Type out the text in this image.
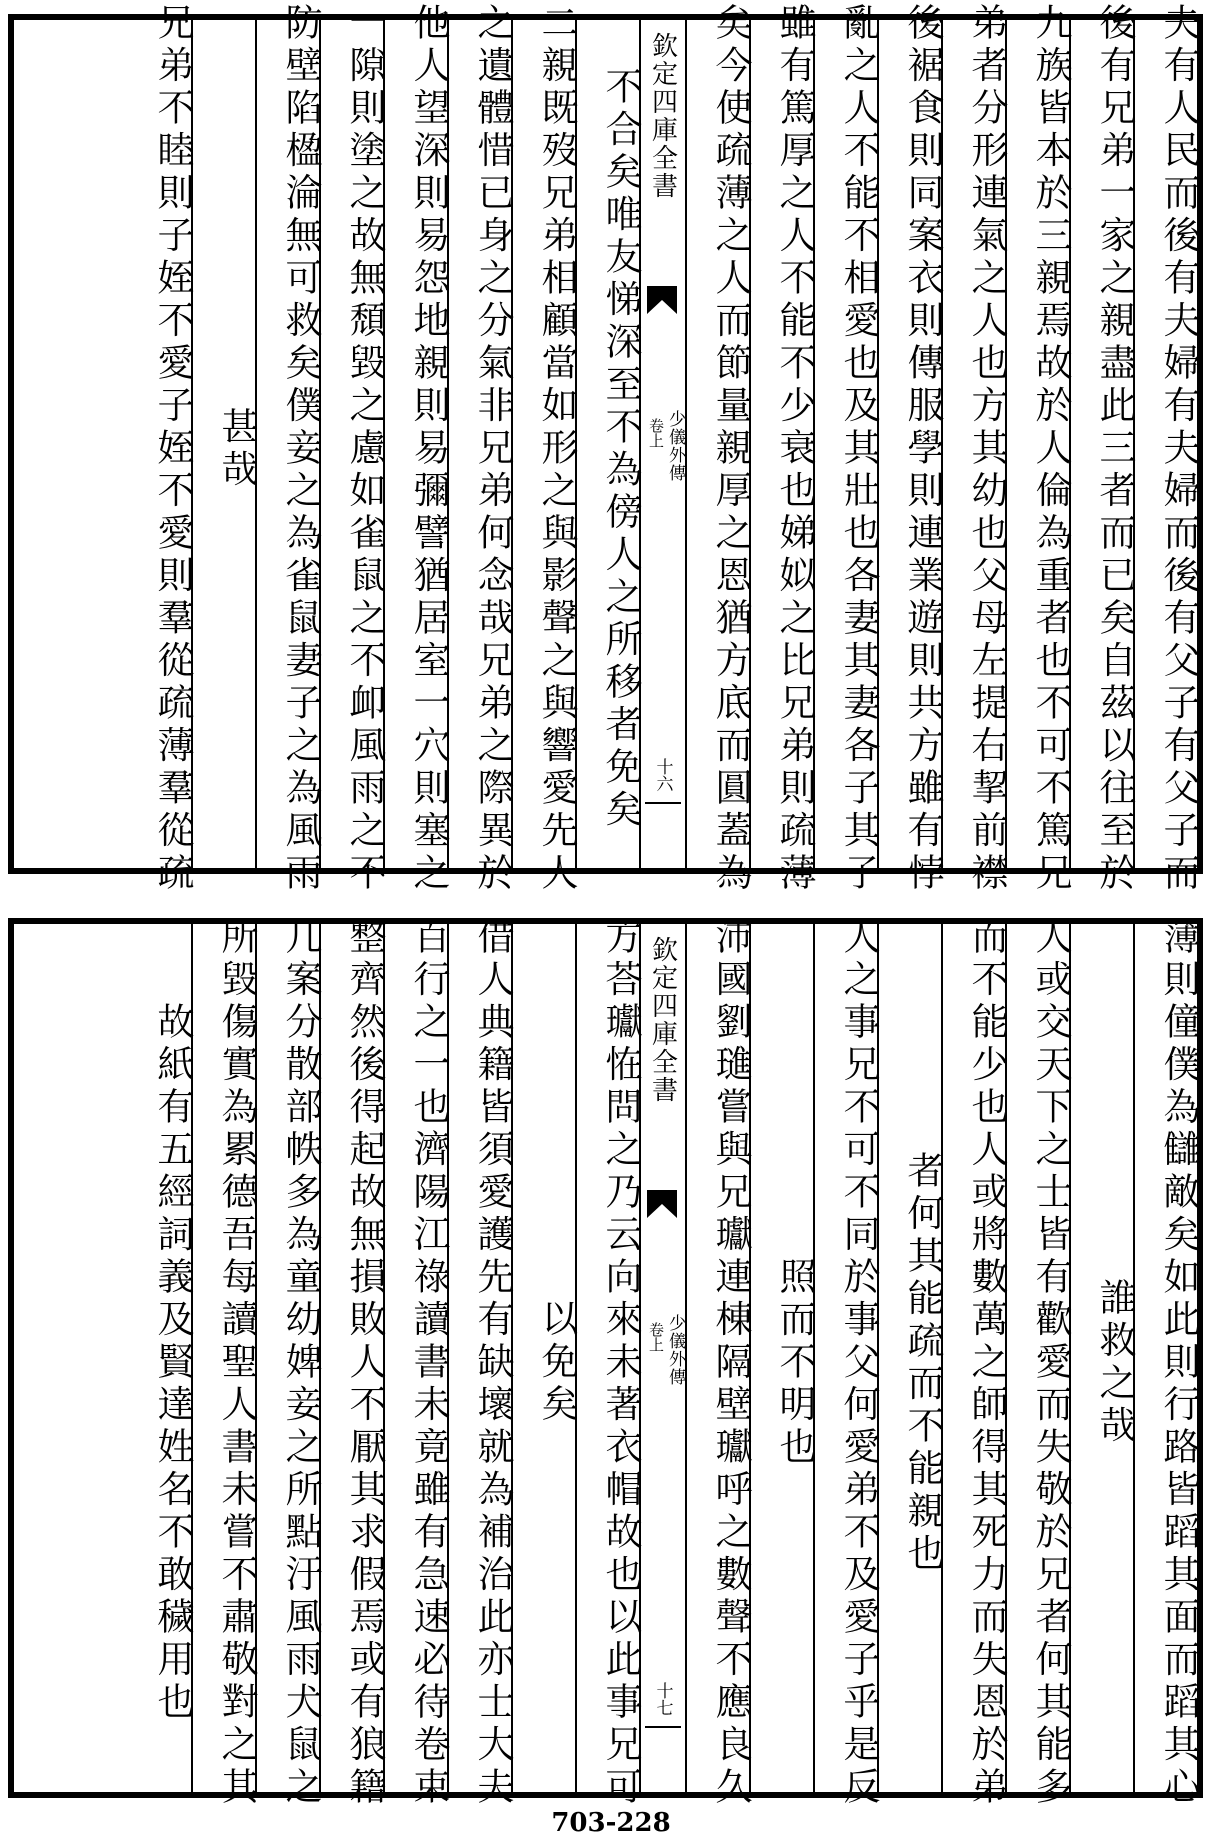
夫有人民而後有夫婦有夫婦而後有父子有父子而
後有兄弟一家之親盡此三者而已矣自茲以往至於
九族皆本於三親焉故於人倫為重者也不可不篤兄
弟者分形連氣之人也方其幼也父母左提右挈前襟
後裾食則同案衣則傳服學則連業遊則共方雖有悖
亂之人不能不相愛也及其壯也各妻其妻各子其子
雖有篤厚之人不能不少衰也娣姒之比兄弟則疏薄
矣今使疏薄之人而節量親厚之恩猶方底而圓蓋為
欽定四庫全書
少儀外傳
卷上
十六
不合矣唯友悌深至不為傍人之所移者免矣
二親既歿兄弟相顧當如形之與影聲之與響愛先人
之遺體惜已身之分氣非兄弟何念哉兄弟之際異於
他人望深則易怨地親則易彌譬猶居室一穴則塞之
一隙則塗之故無頹毀之慮如雀鼠之不卹風雨之不
防壁陷楹淪無可救矣僕妾之為雀鼠妻子之為風雨
甚哉
兄弟不睦則子姪不愛子姪不愛則羣從疏薄羣從疏
薄則僮僕為讎敵矣如此則行路皆蹈其面而蹈其心
誰救之哉
人或交天下之士皆有歡愛而失敬於兄者何其能多
而不能少也人或將數萬之師得其死力而失恩於弟
者何其能疏而不能親也
人之事兄不可不同於事父何愛弟不及愛子乎是反
照而不明也
沛國劉璡嘗與兄瓛連棟隔壁瓛呼之數聲不應良久
欽定四庫全書
少儀外傳
卷上
十七
方荅瓛恠問之乃云向來未著衣帽故也以此事兄可
以免矣
借人典籍皆須愛護先有缺壞就為補治此亦士大夫
百行之一也濟陽江祿讀書未竟雖有急速必待卷束
整齊然後得起故無損敗人不厭其求假焉或有狼籍
几案分散部帙多為童幼婢妾之所點汙風雨犬鼠之
所毀傷實為累德吾每讀聖人書未嘗不肅敬對之其
故紙有五經詞義及賢達姓名不敢穢用也
703-228
